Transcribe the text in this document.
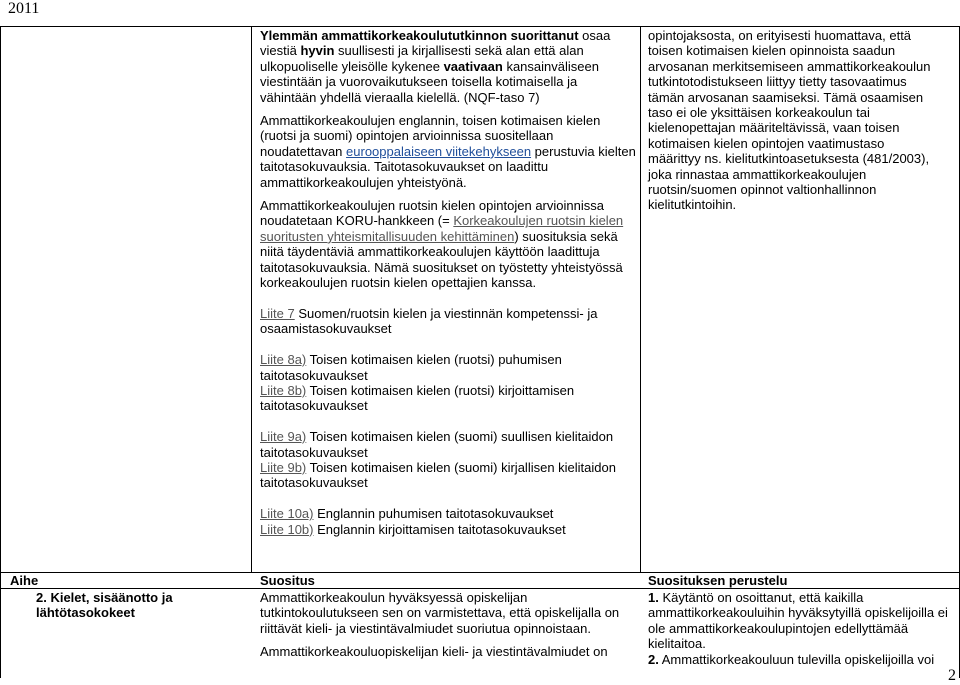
2011

Ylemmän ammattikorkeakoulututkinnon suorittanut osaa viestiä hyvin suullisesti ja kirjallisesti sekä alan että alan ulkopuoliselle yleisölle kykenee vaativaan kansainväliseen viestintään ja vuorovaikutukseen toisella kotimaisella ja vähintään yhdellä vieraalla kielellä. (NQF-taso 7)

Ammattikorkeakoulujen englannin, toisen kotimaisen kielen (ruotsi ja suomi) opintojen arvioinnissa suositellaan noudatettavan eurooppalaiseen viitekehykseen perustuvia kielten taitotasokuvauksia. Taitotasokuvaukset on laadittu ammattikorkeakoulujen yhteistyönä.

Ammattikorkeakoulujen ruotsin kielen opintojen arvioinnissa noudatetaan KORU-hankkeen (= Korkeakoulujen ruotsin kielen suoritusten yhteismitallisuuden kehittäminen) suosituksia sekä niitä täydentäviä ammattikorkeakoulujen käyttöön laadittuja taitotasokuvauksia. Nämä suositukset on työstetty yhteistyössä korkeakoulujen ruotsin kielen opettajien kanssa.

Liite 7 Suomen/ruotsin kielen ja viestinnän kompetenssi- ja osaamistasokuvaukset

Liite 8a) Toisen kotimaisen kielen (ruotsi) puhumisen taitotasokuvaukset

Liite 8b) Toisen kotimaisen kielen (ruotsi) kirjoittamisen taitotasokuvaukset

Liite 9a) Toisen kotimaisen kielen (suomi) suullisen kielitaidon taitotasokuvaukset

Liite 9b) Toisen kotimaisen kielen (suomi) kirjallisen kielitaidon taitotasokuvaukset

Liite 10a) Englannin puhumisen taitotasokuvaukset

Liite 10b) Englannin kirjoittamisen taitotasokuvaukset

opintojaksosta, on erityisesti huomattava, että
toisen kotimaisen kielen opinnoista saadun
arvosanan merkitsemiseen ammattikorkeakoulun
tutkintotodistukseen liittyy tietty tasovaatimus
tämän arvosanan saamiseksi. Tämä osaamisen
taso ei ole yksittäisen korkeakoulun tai
kielenopettajan määriteltävissä, vaan toisen
kotimaisen kielen opintojen vaatimustaso
määrittyy ns. kielitutkintoasetuksesta (481/2003),
joka rinnastaa ammattikorkeakoulujen
ruotsin/suomen opinnot valtionhallinnon
kielitutkintoihin.
Aihe	Suositus	Suosituksen perustelu
2. Kielet, sisäänotto ja lähtötasokokeet

Ammattikorkeakoulun hyväksyessä opiskelijan tutkintokoulutukseen sen on varmistettava, että opiskelijalla on riittävät kieli- ja viestintävalmiudet suoriutua opinnoistaan.

Ammattikorkeakouluopiskelijan kieli- ja viestintävalmiudet on

1. Käytäntö on osoittanut, että kaikilla ammattikorkeakouluihin hyväksytyillä opiskelijoilla ei ole ammattikorkeakoulupintojen edellyttämää kielitaitoa.

2. Ammattikorkeakouluun tulevilla opiskelijoilla voi

2
